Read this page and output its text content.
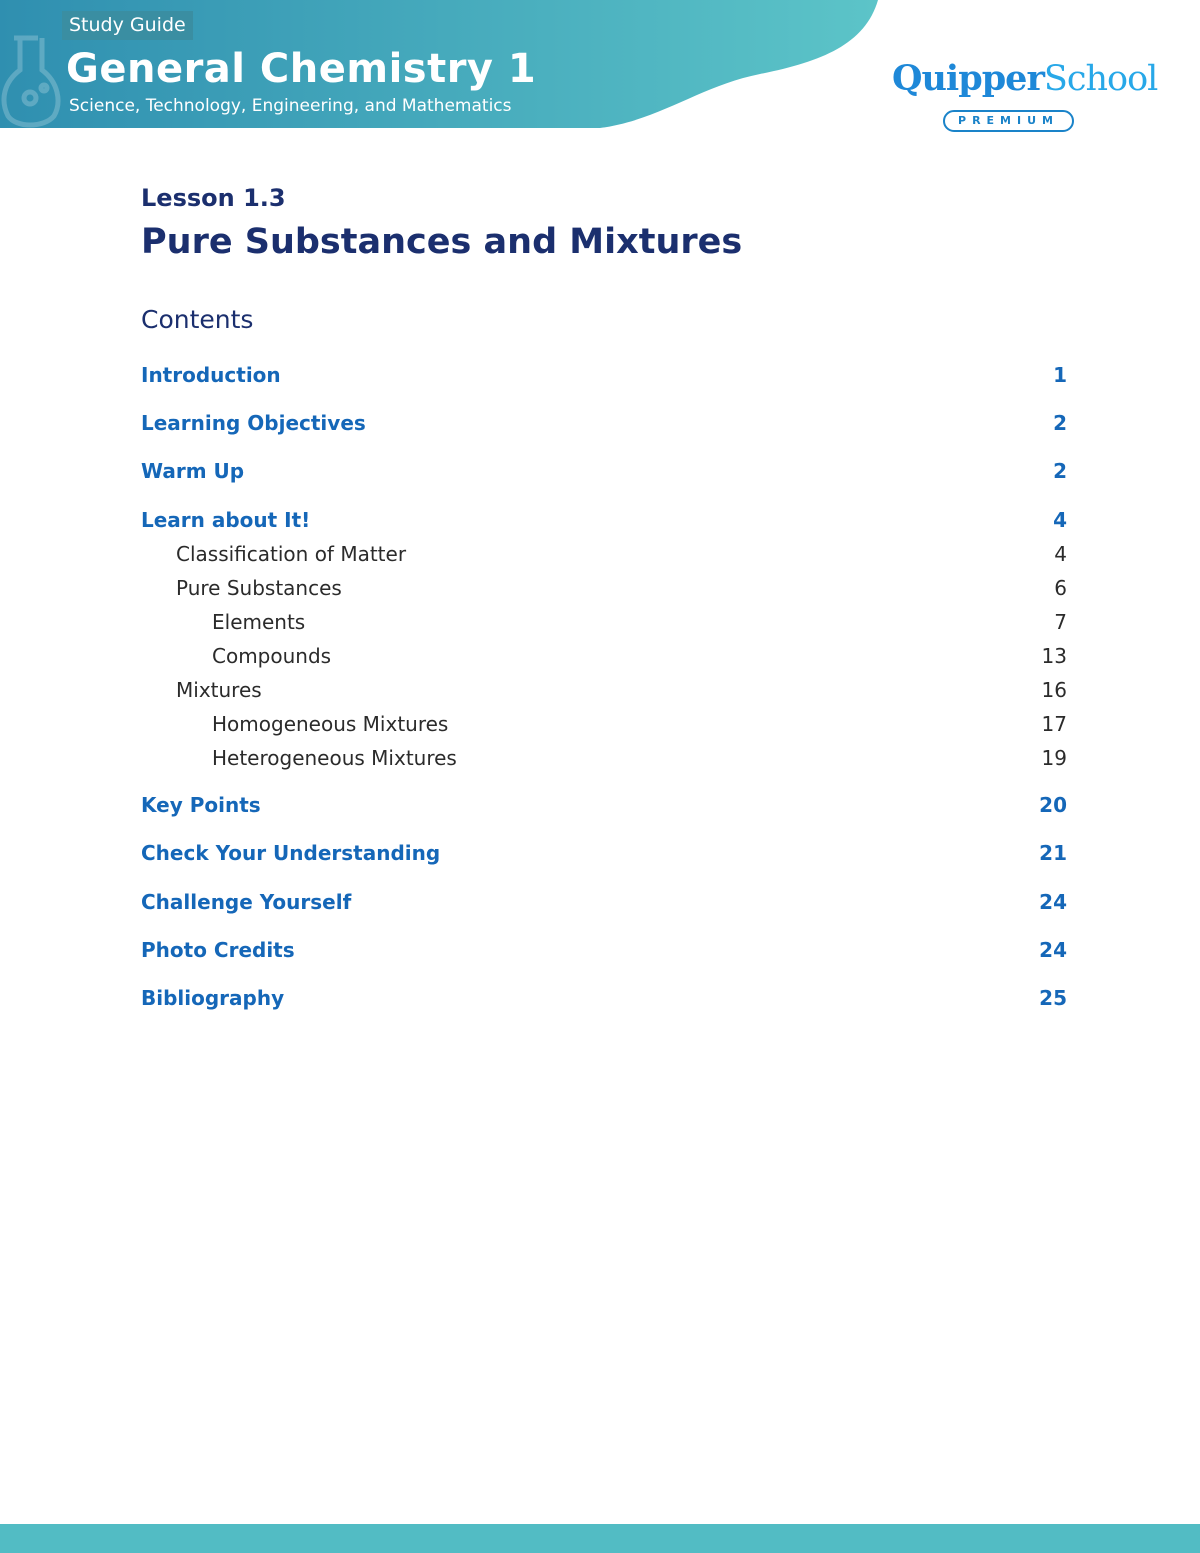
Study Guide
General Chemistry 1
Science, Technology, Engineering, and Mathematics
QuipperSchool
PREMIUM
Lesson 1.3
Pure Substances and Mixtures
Contents
Introduction	1
Learning Objectives	2
Warm Up	2
Learn about It!	4
Classification of Matter	4
Pure Substances	6
Elements	7
Compounds	13
Mixtures	16
Homogeneous Mixtures	17
Heterogeneous Mixtures	19
Key Points	20
Check Your Understanding	21
Challenge Yourself	24
Photo Credits	24
Bibliography	25
